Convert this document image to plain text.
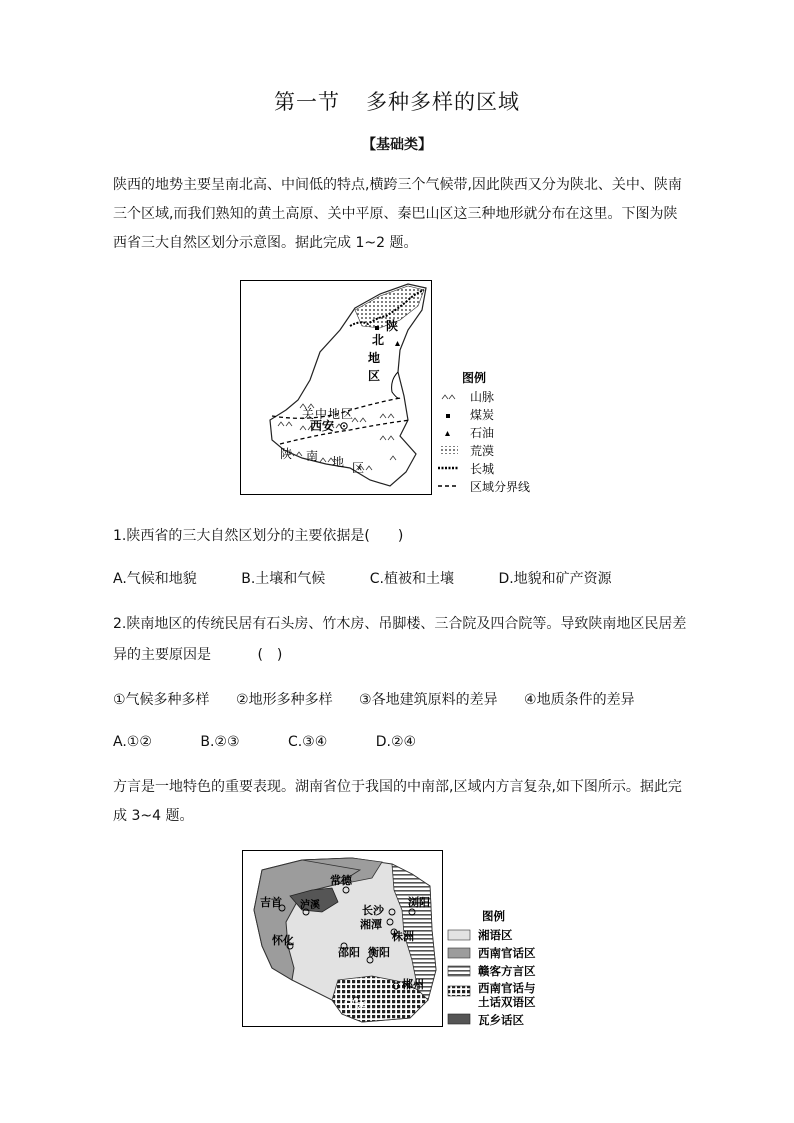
第一节 多种多样的区域
【基础类】
陕西的地势主要呈南北高、中间低的特点,横跨三个气候带,因此陕西又分为陕北、关中、陕南
三个区域,而我们熟知的黄土高原、关中平原、秦巴山区这三种地形就分布在这里。下图为陕
西省三大自然区划分示意图。据此完成 1~2 题。
陕
北
地
区
关中地区
西安
陕 南 地 区
图例
山脉
煤炭
石油
荒漠
长城
区域分界线
1.陕西省的三大自然区划分的主要依据是(　　)
A.气候和地貌	B.土壤和气候	C.植被和土壤	D.地貌和矿产资源
2.陕南地区的传统民居有石头房、竹木房、吊脚楼、三合院及四合院等。导致陕南地区民居差
异的主要原因是　　　 (　)
①气候多种多样 ②地形多种多样 ③各地建筑原料的差异 ④地质条件的差异
A.①②	B.②③	C.③④	D.②④
方言是一地特色的重要表现。湖南省位于我国的中南部,区域内方言复杂,如下图所示。据此完
成 3~4 题。
常德
吉首 泸溪	长沙
浏阳
湘潭
株洲
怀化
邵阳 衡阳
郴州
宁远
图例
湘语区
西南官话区
赣客方言区
西南官话与
土话双语区
瓦乡话区
